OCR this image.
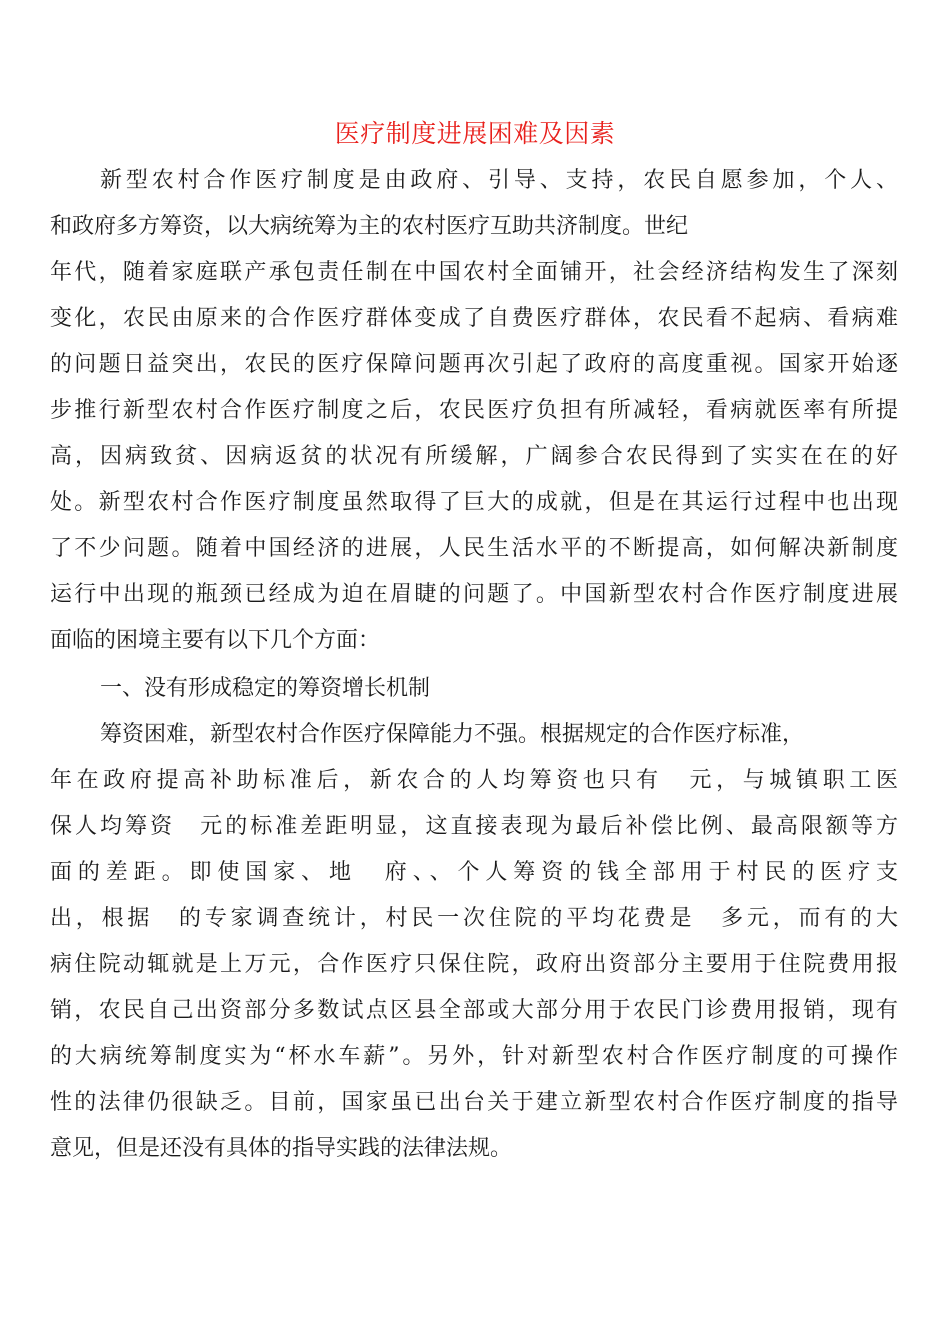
医疗制度进展困难及因素
新型农村合作医疗制度是由政府、引导、支持，农民自愿参加，个人、
和政府多方筹资，以大病统筹为主的农村医疗互助共济制度。世纪
年代，随着家庭联产承包责任制在中国农村全面铺开，社会经济结构发生了深刻
变化，农民由原来的合作医疗群体变成了自费医疗群体，农民看不起病、看病难
的问题日益突出，农民的医疗保障问题再次引起了政府的高度重视。国家开始逐
步推行新型农村合作医疗制度之后，农民医疗负担有所减轻，看病就医率有所提
高，因病致贫、因病返贫的状况有所缓解，广阔参合农民得到了实实在在的好
处。新型农村合作医疗制度虽然取得了巨大的成就，但是在其运行过程中也出现
了不少问题。随着中国经济的进展，人民生活水平的不断提高，如何解决新制度
运行中出现的瓶颈已经成为迫在眉睫的问题了。中国新型农村合作医疗制度进展
面临的困境主要有以下几个方面：
一、没有形成稳定的筹资增长机制
筹资困难，新型农村合作医疗保障能力不强。根据规定的合作医疗标准，
年在政府提高补助标准后，新农合的人均筹资也只有　元，与城镇职工医
保人均筹资　元的标准差距明显，这直接表现为最后补偿比例、最高限额等方
面的差距。即使国家、地　府、、个人筹资的钱全部用于村民的医疗支
出，根据　的专家调查统计，村民一次住院的平均花费是　多元，而有的大
病住院动辄就是上万元，合作医疗只保住院，政府出资部分主要用于住院费用报
销，农民自己出资部分多数试点区县全部或大部分用于农民门诊费用报销，现有
的大病统筹制度实为“杯水车薪”。另外，针对新型农村合作医疗制度的可操作
性的法律仍很缺乏。目前，国家虽已出台关于建立新型农村合作医疗制度的指导
意见，但是还没有具体的指导实践的法律法规。
